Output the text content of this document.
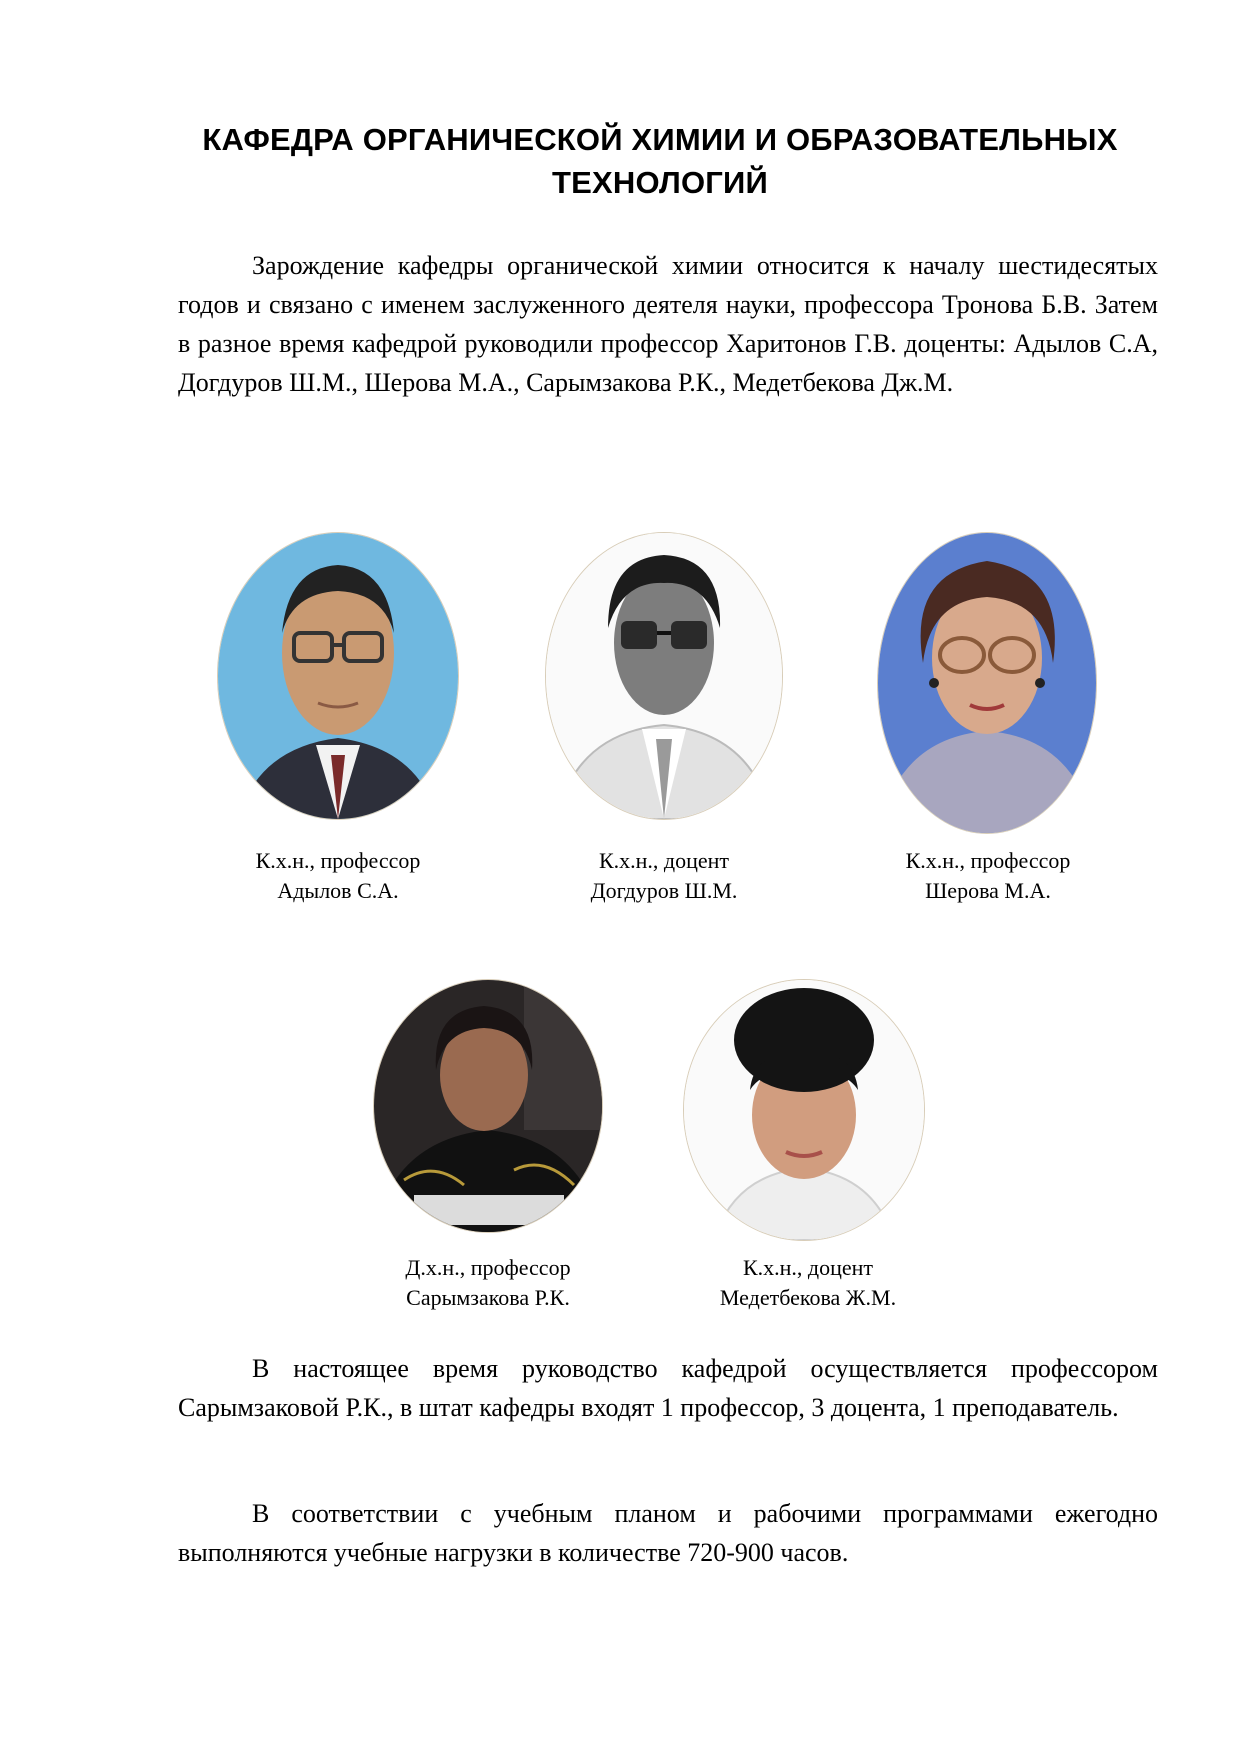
КАФЕДРА ОРГАНИЧЕСКОЙ ХИМИИ И ОБРАЗОВАТЕЛЬНЫХ
ТЕХНОЛОГИЙ
Зарождение кафедры органической химии относится к началу шестидесятых годов и связано с именем заслуженного деятеля науки, профессора Тронова Б.В. Затем в разное время кафедрой руководили профессор Харитонов Г.В. доценты: Адылов С.А, Догдуров Ш.М., Шерова М.А., Сарымзакова Р.К., Медетбекова Дж.М.
К.х.н., профессор
Адылов С.А.
К.х.н., доцент
Догдуров Ш.М.
К.х.н., профессор
Шерова М.А.
Д.х.н., профессор
Сарымзакова Р.К.
К.х.н., доцент
Медетбекова Ж.М.
В настоящее время руководство кафедрой осуществляется профессором Сарымзаковой Р.К., в штат кафедры входят 1 профессор, 3 доцента, 1 преподаватель.
В соответствии с учебным планом и рабочими программами ежегодно выполняются учебные нагрузки в количестве 720-900 часов.
